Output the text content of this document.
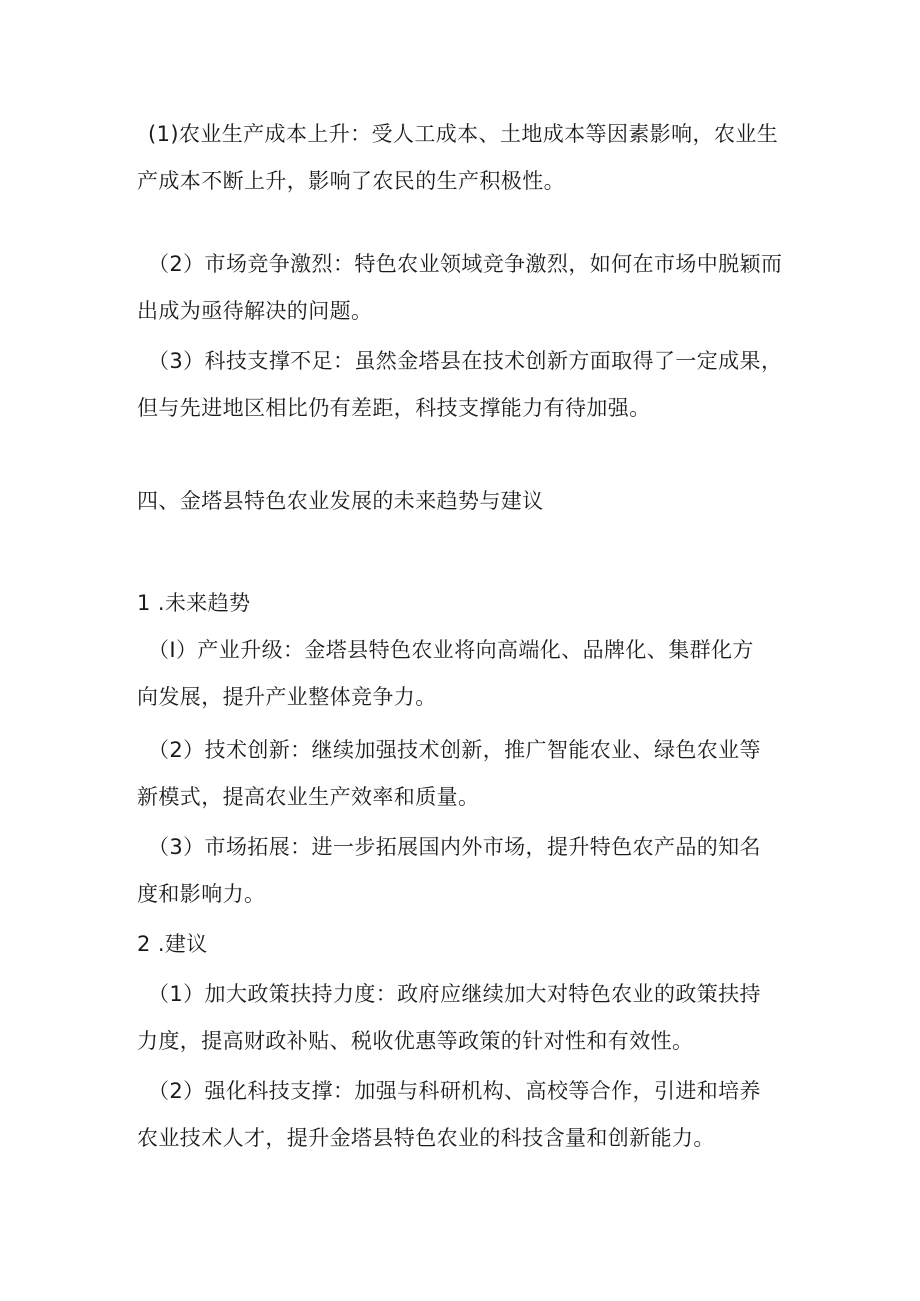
(1)农业生产成本上升：受人工成本、土地成本等因素影响，农业生
产成本不断上升，影响了农民的生产积极性。
（2）市场竞争激烈：特色农业领域竞争激烈，如何在市场中脱颖而
出成为亟待解决的问题。
（3）科技支撑不足：虽然金塔县在技术创新方面取得了一定成果，
但与先进地区相比仍有差距，科技支撑能力有待加强。
四、金塔县特色农业发展的未来趋势与建议
1 .未来趋势
（I）产业升级：金塔县特色农业将向高端化、品牌化、集群化方
向发展，提升产业整体竞争力。
（2）技术创新：继续加强技术创新，推广智能农业、绿色农业等
新模式，提高农业生产效率和质量。
（3）市场拓展：进一步拓展国内外市场，提升特色农产品的知名
度和影响力。
2 .建议
（1）加大政策扶持力度：政府应继续加大对特色农业的政策扶持
力度，提高财政补贴、税收优惠等政策的针对性和有效性。
（2）强化科技支撑：加强与科研机构、高校等合作，引进和培养
农业技术人才，提升金塔县特色农业的科技含量和创新能力。
